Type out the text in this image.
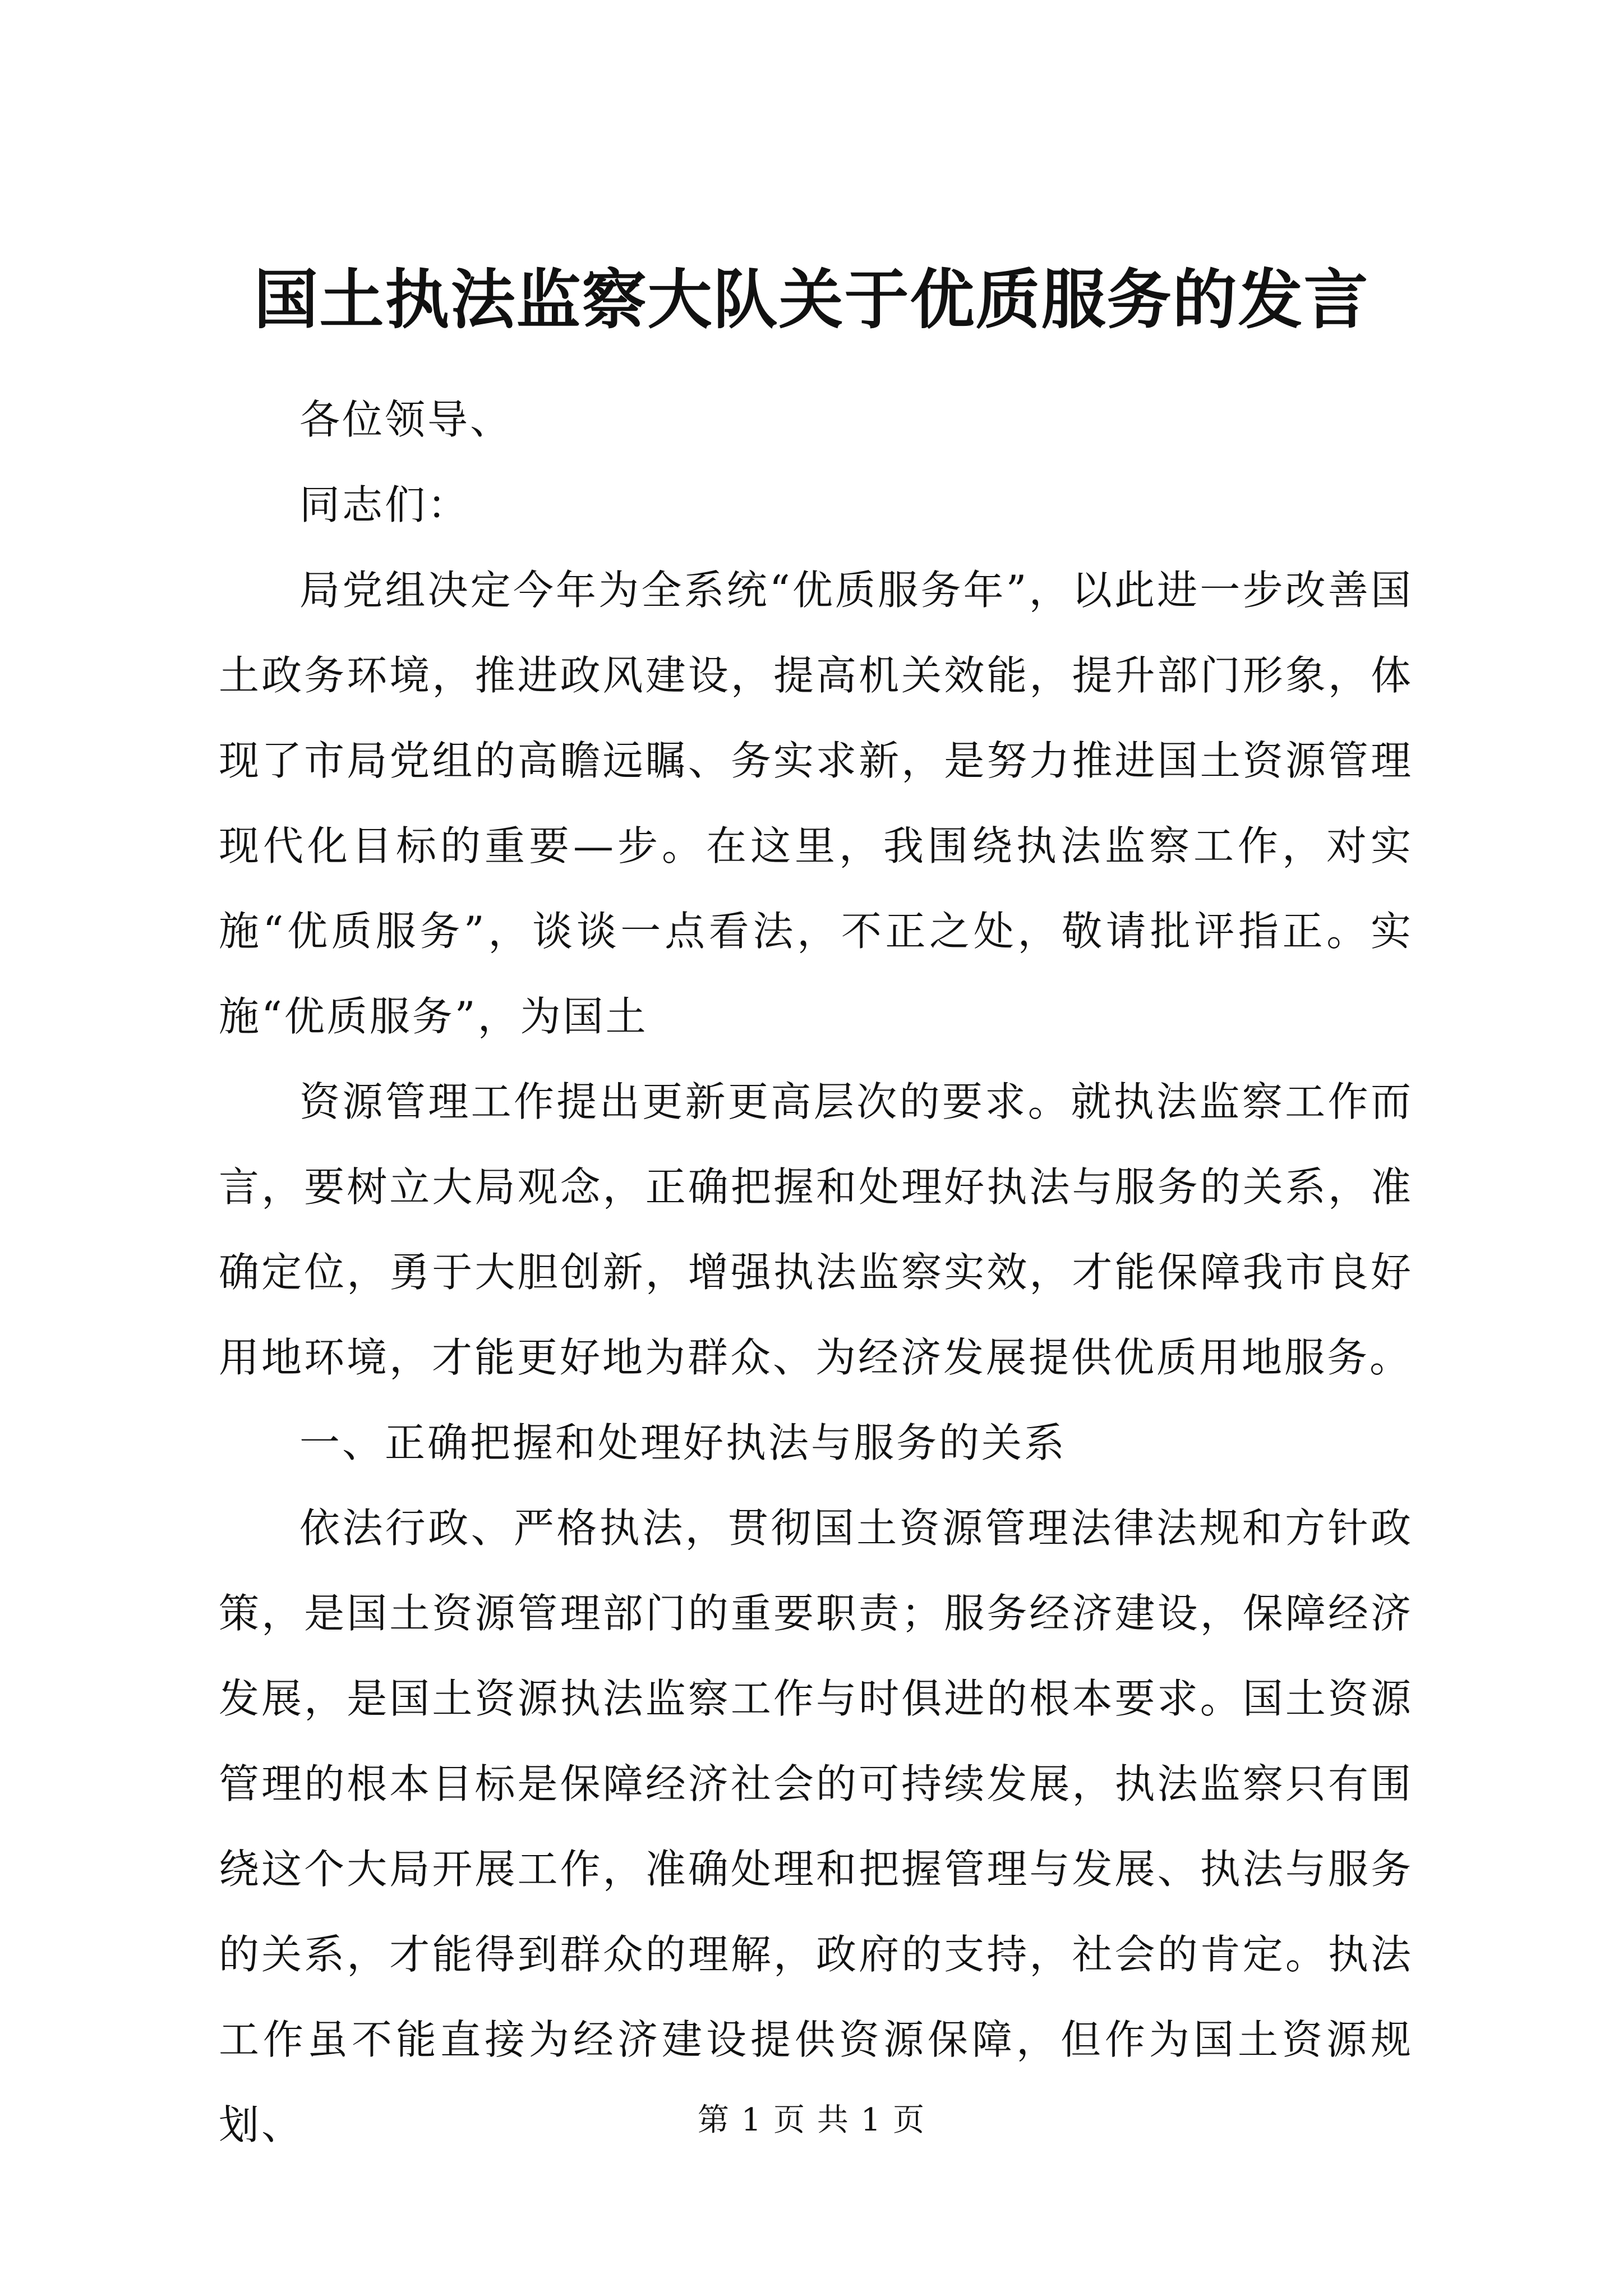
国土执法监察大队关于优质服务的发言

各位领导、

同志们：

局党组决定今年为全系统“优质服务年”，以此进一步改善国土政务环境，推进政风建设，提高机关效能，提升部门形象，体现了市局党组的高瞻远瞩、务实求新，是努力推进国土资源管理现代化目标的重要—步。在这里，我围绕执法监察工作，对实施“优质服务”，谈谈一点看法，不正之处，敬请批评指正。实施“优质服务”，为国土

资源管理工作提出更新更高层次的要求。就执法监察工作而言，要树立大局观念，正确把握和处理好执法与服务的关系，准确定位，勇于大胆创新，增强执法监察实效，才能保障我市良好用地环境，才能更好地为群众、为经济发展提供优质用地服务。

一、正确把握和处理好执法与服务的关系

依法行政、严格执法，贯彻国土资源管理法律法规和方针政策，是国土资源管理部门的重要职责；服务经济建设，保障经济发展，是国土资源执法监察工作与时俱进的根本要求。国土资源管理的根本目标是保障经济社会的可持续发展，执法监察只有围绕这个大局开展工作，准确处理和把握管理与发展、执法与服务的关系，才能得到群众的理解，政府的支持，社会的肯定。执法工作虽不能直接为经济建设提供资源保障，但作为国土资源规划、	第 1 页 共 1 页
